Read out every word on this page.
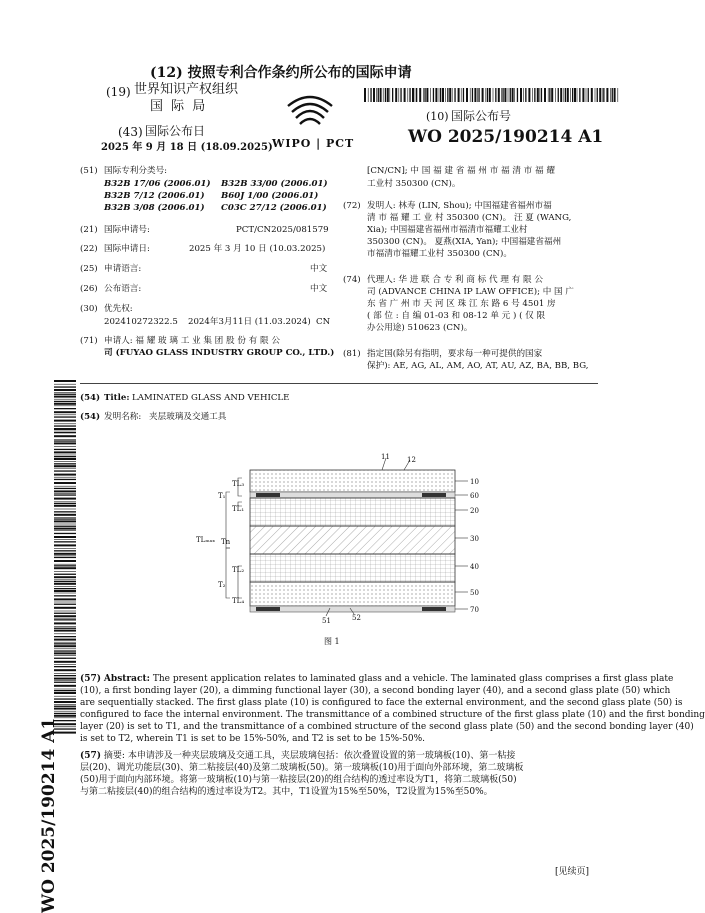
(12) 按照专利合作条约所公布的国际申请
(19) 世界知识产权组织
国 际 局
(43) 国际公布日
2025 年 9 月 18 日 (18.09.2025) WIPO | PCT
(10) 国际公布号
WO 2025/190214 A1
(51) 国际专利分类号:
B32B 17/06 (2006.01) B32B 33/00 (2006.01)
B32B 7/12 (2006.01) B60J 1/00 (2006.01)
B32B 3/08 (2006.01) C03C 27/12 (2006.01)
(21) 国际申请号:	PCT/CN2025/081579
(22) 国际申请日:	2025 年 3 月 10 日 (10.03.2025)
(25) 申请语言:	中文
(26) 公布语言:	中文
(30) 优先权:
202410272322.5 2024年3月11日 (11.03.2024) CN
(71) 申请人: 福 耀 玻 璃 工 业 集 团 股 份 有 限 公
司 (FUYAO GLASS INDUSTRY GROUP CO., LTD.)
[CN/CN]; 中 国 福 建 省 福 州 市 福 清 市 福 耀
工业村 350300 (CN)。
(72) 发明人: 林寿 (LIN, Shou); 中国福建省福州市福
清 市 福 耀 工 业 村 350300 (CN)。 汪 夏 (WANG,
Xia); 中国福建省福州市福清市福耀工业村
350300 (CN)。 夏燕(XIA, Yan); 中国福建省福州
市福清市福耀工业村 350300 (CN)。
(74) 代理人: 华 进 联 合 专 利 商 标 代 理 有 限 公
司 (ADVANCE CHINA IP LAW OFFICE); 中 国 广
东 省 广 州 市 天 河 区 珠 江 东 路 6 号 4501 房
( 部 位 : 自 编 01-03 和 08-12 单 元 ) ( 仅 限
办公用途) 510623 (CN)。
(81) 指定国(除另有指明，要求每一种可提供的国家
保护): AE, AG, AL, AM, AO, AT, AU, AZ, BA, BB, BG,
WO 2025/190214 A1
(54) Title: LAMINATED GLASS AND VEHICLE
(54) 发明名称: 夹层玻璃及交通工具
11 12
10
60
20
30
40
50
70
51	52
TL₃
T₁
TL₁
TLₘₐₓ Tn
TL₂
T₂
TL₄
图 1
(57) Abstract: The present application relates to laminated glass and a vehicle. The laminated glass comprises a first glass plate
(10), a first bonding layer (20), a dimming functional layer (30), a second bonding layer (40), and a second glass plate (50) which
are sequentially stacked. The first glass plate (10) is configured to face the external environment, and the second glass plate (50) is
configured to face the internal environment. The transmittance of a combined structure of the first glass plate (10) and the first bonding
layer (20) is set to T1, and the transmittance of a combined structure of the second glass plate (50) and the second bonding layer (40)
is set to T2, wherein T1 is set to be 15%-50%, and T2 is set to be 15%-50%.
(57) 摘要: 本申请涉及一种夹层玻璃及交通工具，夹层玻璃包括：依次叠置设置的第一玻璃板(10)、第一粘接
层(20)、调光功能层(30)、第二粘接层(40)及第二玻璃板(50)。第一玻璃板(10)用于面向外部环境，第二玻璃板
(50)用于面向内部环境。将第一玻璃板(10)与第一粘接层(20)的组合结构的透过率设为T1，将第二玻璃板(50)
与第二粘接层(40)的组合结构的透过率设为T2。其中，T1设置为15%至50%，T2设置为15%至50%。
[见续页]
